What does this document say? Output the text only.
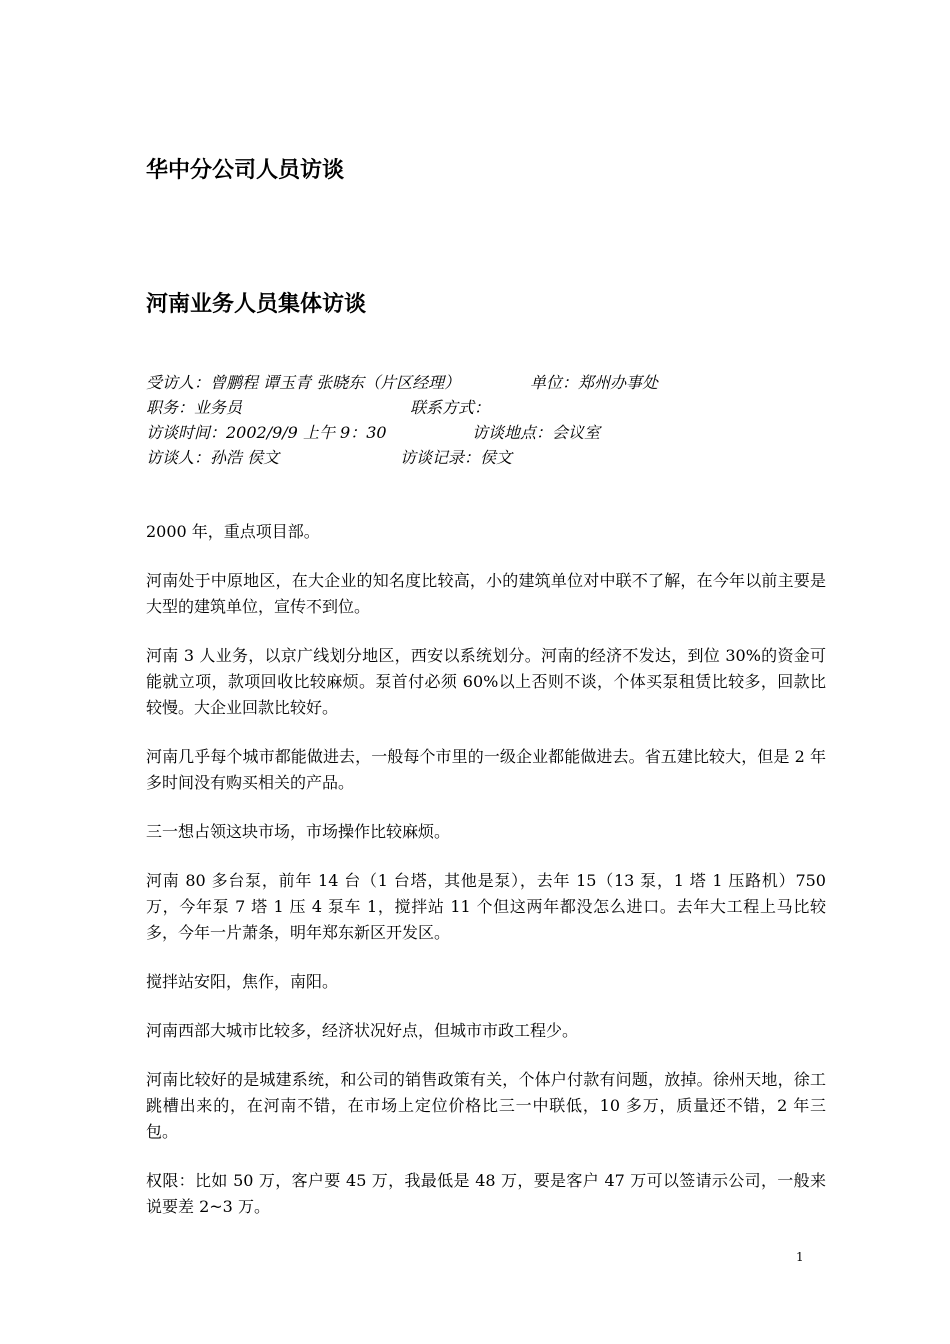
华中分公司人员访谈
河南业务人员集体访谈
受访人：曾鹏程 谭玉青 张晓东（片区经理）	单位：郑州办事处
职务：业务员	联系方式：
访谈时间：2002/9/9 上午 9：30	访谈地点：会议室
访谈人：孙浩 侯文	访谈记录：侯文

2000 年，重点项目部。

河南处于中原地区，在大企业的知名度比较高，小的建筑单位对中联不了解，在今年以前主要是大型的建筑单位，宣传不到位。

河南 3 人业务，以京广线划分地区，西安以系统划分。河南的经济不发达，到位 30%的资金可能就立项，款项回收比较麻烦。泵首付必须 60%以上否则不谈，个体买泵租赁比较多，回款比较慢。大企业回款比较好。

河南几乎每个城市都能做进去，一般每个市里的一级企业都能做进去。省五建比较大，但是 2 年多时间没有购买相关的产品。

三一想占领这块市场，市场操作比较麻烦。

河南 80 多台泵，前年 14 台（1 台塔，其他是泵），去年 15（13 泵，1 塔 1 压路机）750 万，今年泵 7 塔 1 压 4 泵车 1，搅拌站 11 个但这两年都没怎么进口。去年大工程上马比较多，今年一片萧条，明年郑东新区开发区。

搅拌站安阳，焦作，南阳。

河南西部大城市比较多，经济状况好点，但城市市政工程少。

河南比较好的是城建系统，和公司的销售政策有关，个体户付款有问题，放掉。徐州天地，徐工跳槽出来的，在河南不错，在市场上定位价格比三一中联低，10 多万，质量还不错，2 年三包。

权限：比如 50 万，客户要 45 万，我最低是 48 万，要是客户 47 万可以签请示公司，一般来说要差 2~3 万。

1
